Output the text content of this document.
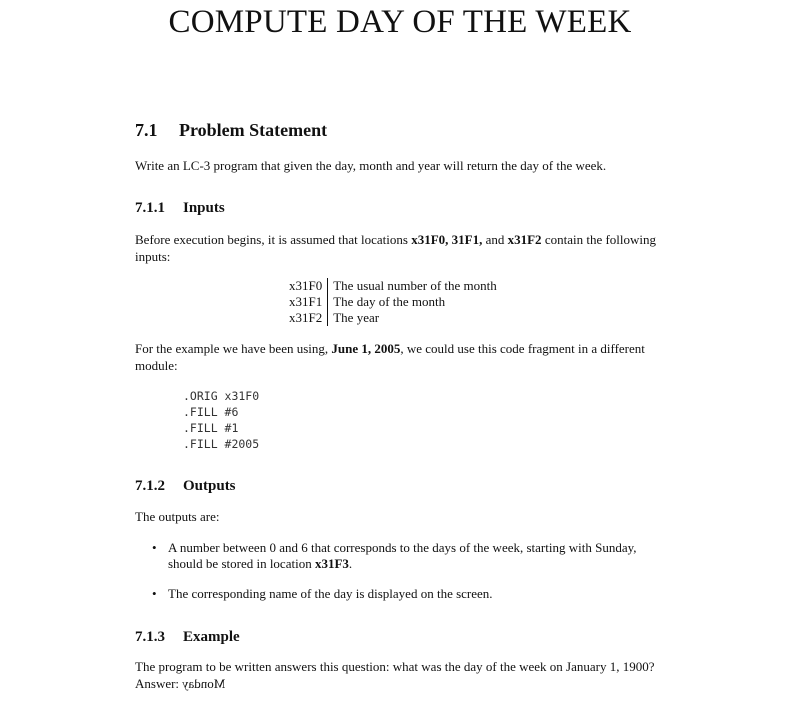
COMPUTE DAY OF THE WEEK
7.1 Problem Statement

Write an LC-3 program that given the day, month and year will return the day of the week.

7.1.1 Inputs

Before execution begins, it is assumed that locations x31F0, 31F1, and x31F2 contain the following inputs:

x31F0	The usual number of the month
x31F1	The day of the month
x31F2	The year

For the example we have been using, June 1, 2005, we could use this code fragment in a different module:

.ORIG x31F0
.FILL #6
.FILL #1
.FILL #2005
7.1.2 Outputs

The outputs are:

• A number between 0 and 6 that corresponds to the days of the week, starting with Sunday, should be stored in location x31F3.
• The corresponding name of the day is displayed on the screen.
7.1.3 Example

The program to be written answers this question: what was the day of the week on January 1, 1900?
Answer: Monday
